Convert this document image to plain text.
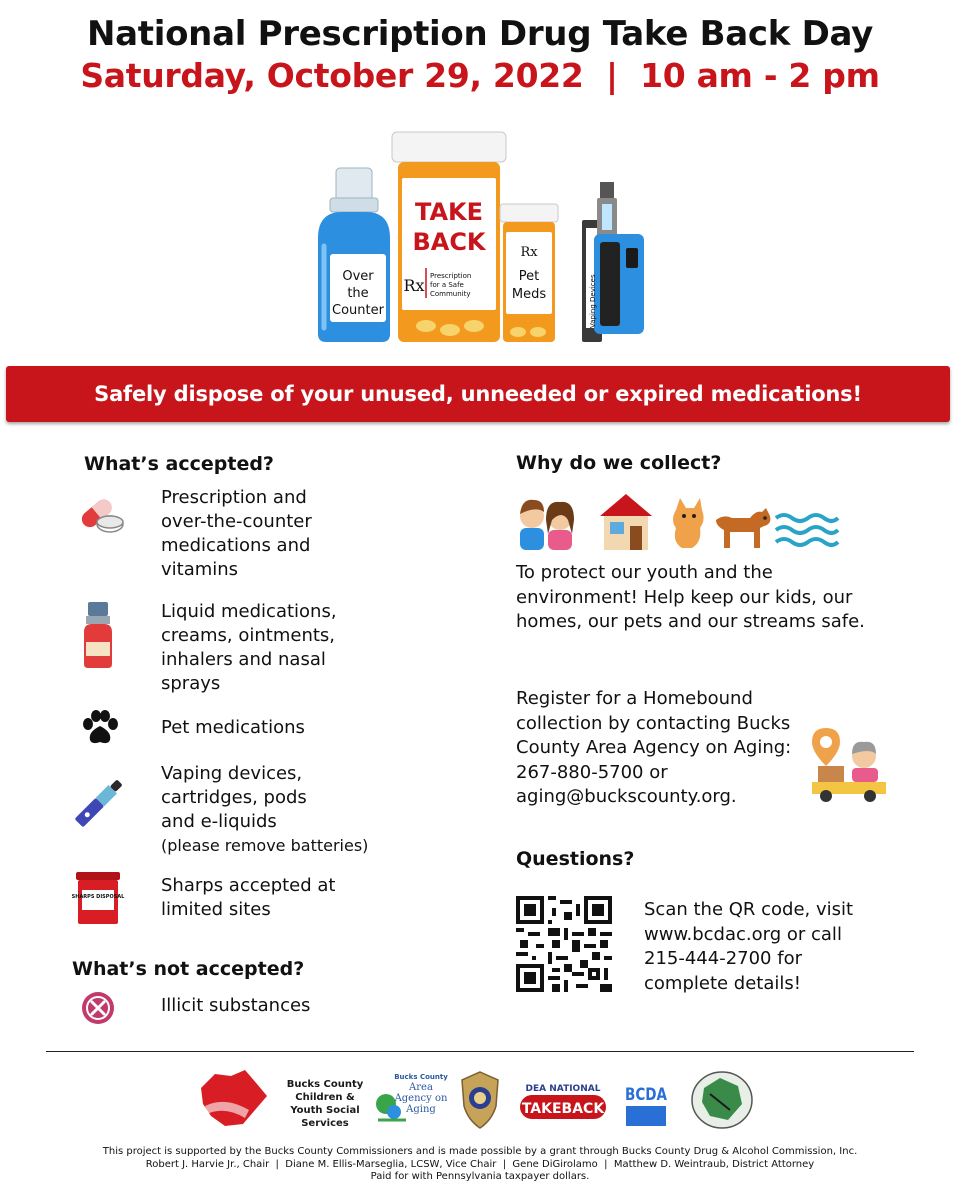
National Prescription Drug Take Back Day
Saturday, October 29, 2022  |  10 am - 2 pm
Over
the
Counter
TAKE
BACK
Rx Prescription
for a Safe
Community
Rx
Pet
Meds	Vaping Devices
Safely dispose of your unused, unneeded or expired medications!
What’s accepted?
Prescription and
over-the-counter
medications and
vitamins
Liquid medications,
creams, ointments,
inhalers and nasal
sprays
Pet medications
Vaping devices,
cartridges, pods
and e-liquids
(please remove batteries)
SHARPS DISPOSAL
Sharps accepted at
limited sites
What’s not accepted?
Illicit substances
Why do we collect?
To protect our youth and the environment! Help keep our kids, our homes, our pets and our streams safe.
Register for a Homebound collection by contacting Bucks County Area Agency on Aging: 267-880-5700 or aging@buckscounty.org.
Questions?
Scan the QR code, visit www.bcdac.org or call 215-444-2700 for complete details!
Bucks County Children & Youth Social Services
Bucks County
Area Agency on Aging
DEA NATIONAL
TAKEBACK
BCDA
This project is supported by the Bucks County Commissioners and is made possible by a grant through Bucks County Drug & Alcohol Commission, Inc.
Robert J. Harvie Jr., Chair  |  Diane M. Ellis-Marseglia, LCSW, Vice Chair  |  Gene DiGirolamo  |  Matthew D. Weintraub, District Attorney
Paid for with Pennsylvania taxpayer dollars.
